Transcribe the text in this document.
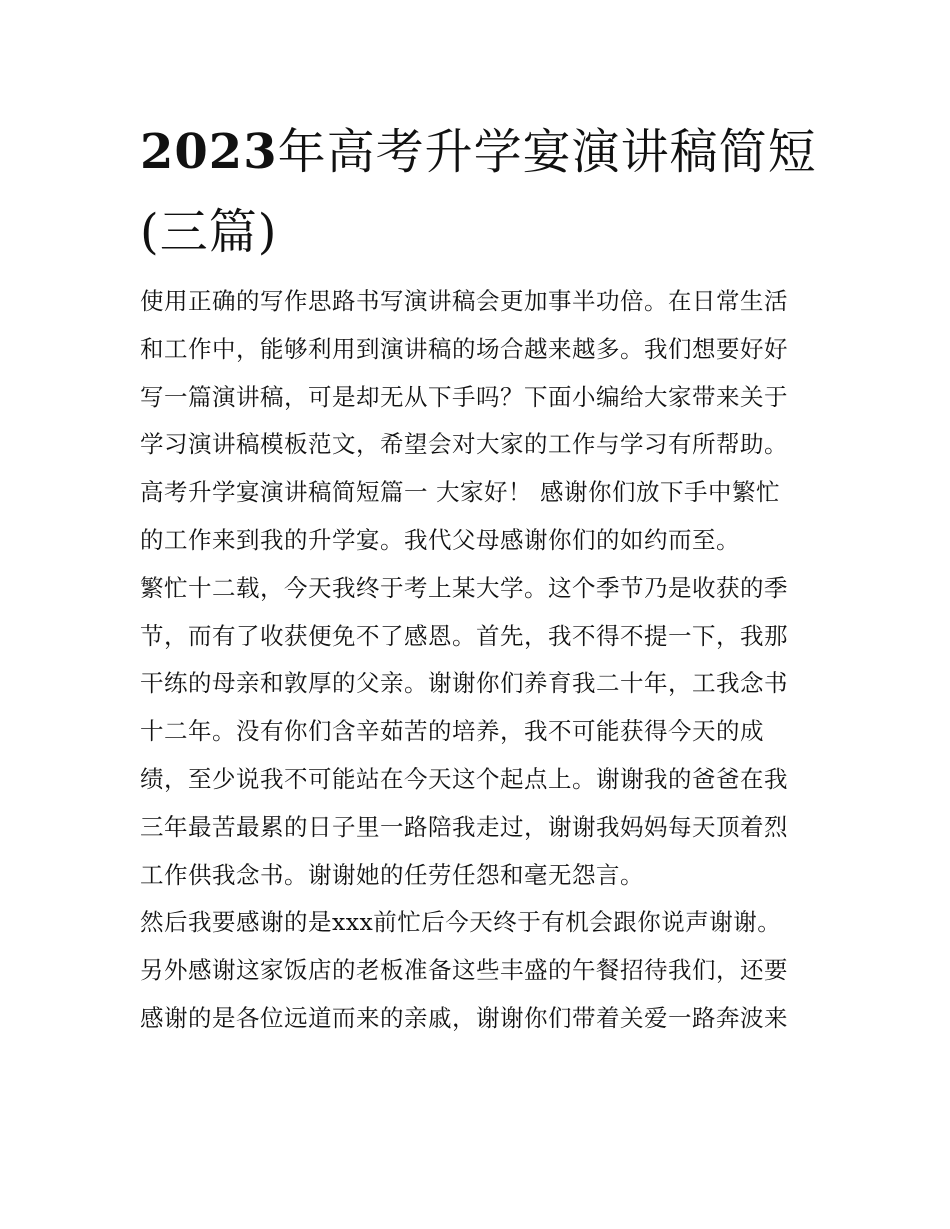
2023年高考升学宴演讲稿简短(三篇)

使用正确的写作思路书写演讲稿会更加事半功倍。在日常生活

和工作中，能够利用到演讲稿的场合越来越多。我们想要好好

写一篇演讲稿，可是却无从下手吗？下面小编给大家带来关于

学习演讲稿模板范文，希望会对大家的工作与学习有所帮助。

高考升学宴演讲稿简短篇一 大家好！ 感谢你们放下手中繁忙

的工作来到我的升学宴。我代父母感谢你们的如约而至。

繁忙十二载，今天我终于考上某大学。这个季节乃是收获的季

节，而有了收获便免不了感恩。首先，我不得不提一下，我那

干练的母亲和敦厚的父亲。谢谢你们养育我二十年，工我念书

十二年。没有你们含辛茹苦的培养，我不可能获得今天的成

绩，至少说我不可能站在今天这个起点上。谢谢我的爸爸在我

三年最苦最累的日子里一路陪我走过，谢谢我妈妈每天顶着烈

工作供我念书。谢谢她的任劳任怨和毫无怨言。

然后我要感谢的是xxx前忙后今天终于有机会跟你说声谢谢。

另外感谢这家饭店的老板准备这些丰盛的午餐招待我们，还要

感谢的是各位远道而来的亲戚，谢谢你们带着关爱一路奔波来
